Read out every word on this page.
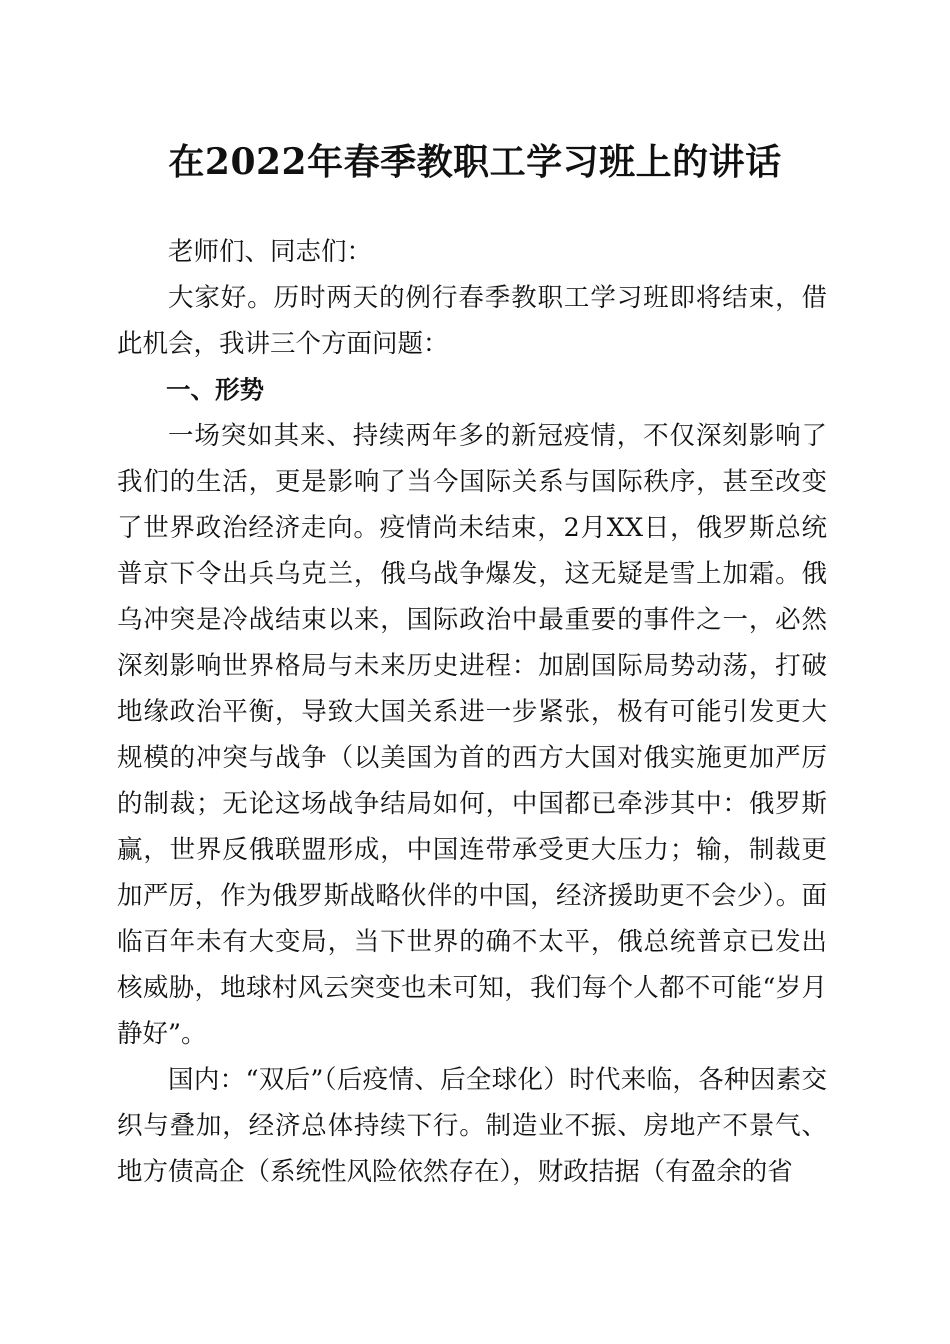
在2022年春季教职工学习班上的讲话

老师们、同志们：

大家好。历时两天的例行春季教职工学习班即将结束，借此机会，我讲三个方面问题：

一、形势

一场突如其来、持续两年多的新冠疫情，不仅深刻影响了我们的生活，更是影响了当今国际关系与国际秩序，甚至改变了世界政治经济走向。疫情尚未结束，2月XX日，俄罗斯总统普京下令出兵乌克兰，俄乌战争爆发，这无疑是雪上加霜。俄乌冲突是冷战结束以来，国际政治中最重要的事件之一，必然深刻影响世界格局与未来历史进程：加剧国际局势动荡，打破地缘政治平衡，导致大国关系进一步紧张，极有可能引发更大规模的冲突与战争（以美国为首的西方大国对俄实施更加严厉的制裁；无论这场战争结局如何，中国都已牵涉其中：俄罗斯赢，世界反俄联盟形成，中国连带承受更大压力；输，制裁更加严厉，作为俄罗斯战略伙伴的中国，经济援助更不会少）。面临百年未有大变局，当下世界的确不太平，俄总统普京已发出核威胁，地球村风云突变也未可知，我们每个人都不可能“岁月静好”。

国内：“双后”（后疫情、后全球化）时代来临，各种因素交织与叠加，经济总体持续下行。制造业不振、房地产不景气、地方债高企（系统性风险依然存在），财政拮据（有盈余的省
